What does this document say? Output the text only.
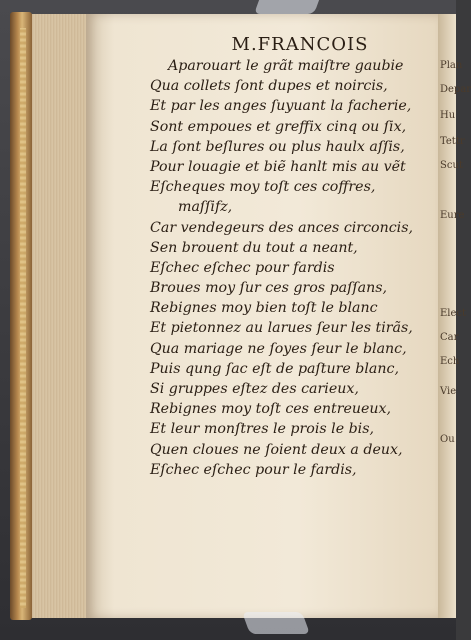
Plan
Depar
Hu
Tettr
Scut
Eure
Elect
Car
Ech
Vie
Ou
M.FRANCOIS
Aparouart le grãt maiſtre gaubie
Qua collets ſont dupes et noircis,
Et par les anges ſuyuant la facherie,
Sont empoues et greffix cinq ou ſix,
La ſont beſlures ou plus haulx aſſis,
Pour louagie et biẽ hanlt mis au vẽt
Eſcheques moy toſt ces coffres,
maſſifz,
Car vendegeurs des ances circoncis,
Sen brouent du tout a neant,
Eſchec eſchec pour fardis
Broues moy ſur ces gros paſſans,
Rebignes moy bien toſt le blanc
Et pietonnez au larues ſeur les tirãs,
Qua mariage ne ſoyes ſeur le blanc,
Puis qung ſac eſt de paſture blanc,
Si gruppes eſtez des carieux,
Rebignes moy toſt ces entreueux,
Et leur monſtres le prois le bis,
Quen cloues ne ſoient deux a deux,
Eſchec eſchec pour le fardis,
